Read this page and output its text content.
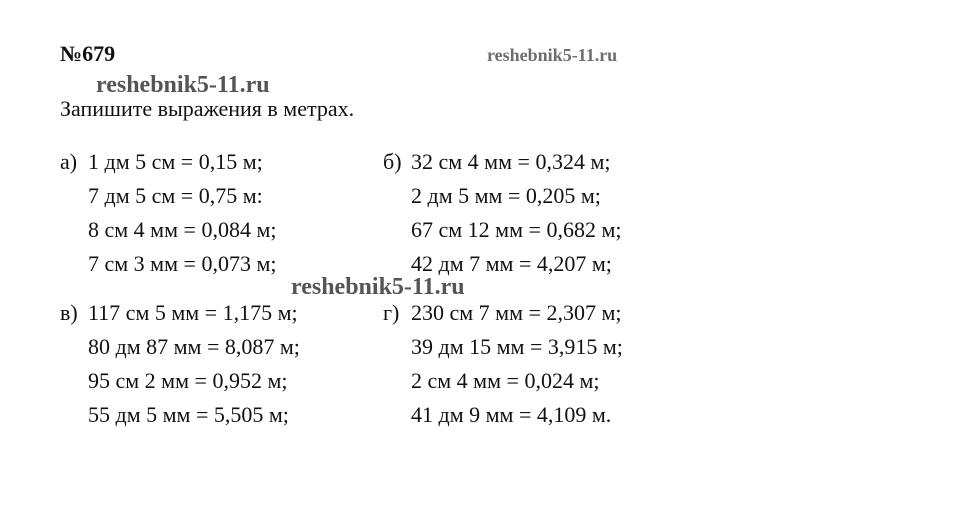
№679	reshebnik5-11.ru
reshebnik5-11.ru
Запишите выражения в метрах.
а) 1 дм 5 см = 0,15 м;
7 дм 5 см = 0,75 м:
8 см 4 мм = 0,084 м;
7 см 3 мм = 0,073 м;
б) 32 см 4 мм = 0,324 м;
2 дм 5 мм = 0,205 м;
67 см 12 мм = 0,682 м;
42 дм 7 мм = 4,207 м;
reshebnik5-11.ru
в) 117 см 5 мм = 1,175 м;
80 дм 87 мм = 8,087 м;
95 см 2 мм = 0,952 м;
55 дм 5 мм = 5,505 м;
г) 230 см 7 мм = 2,307 м;
39 дм 15 мм = 3,915 м;
2 см 4 мм = 0,024 м;
41 дм 9 мм = 4,109 м.
